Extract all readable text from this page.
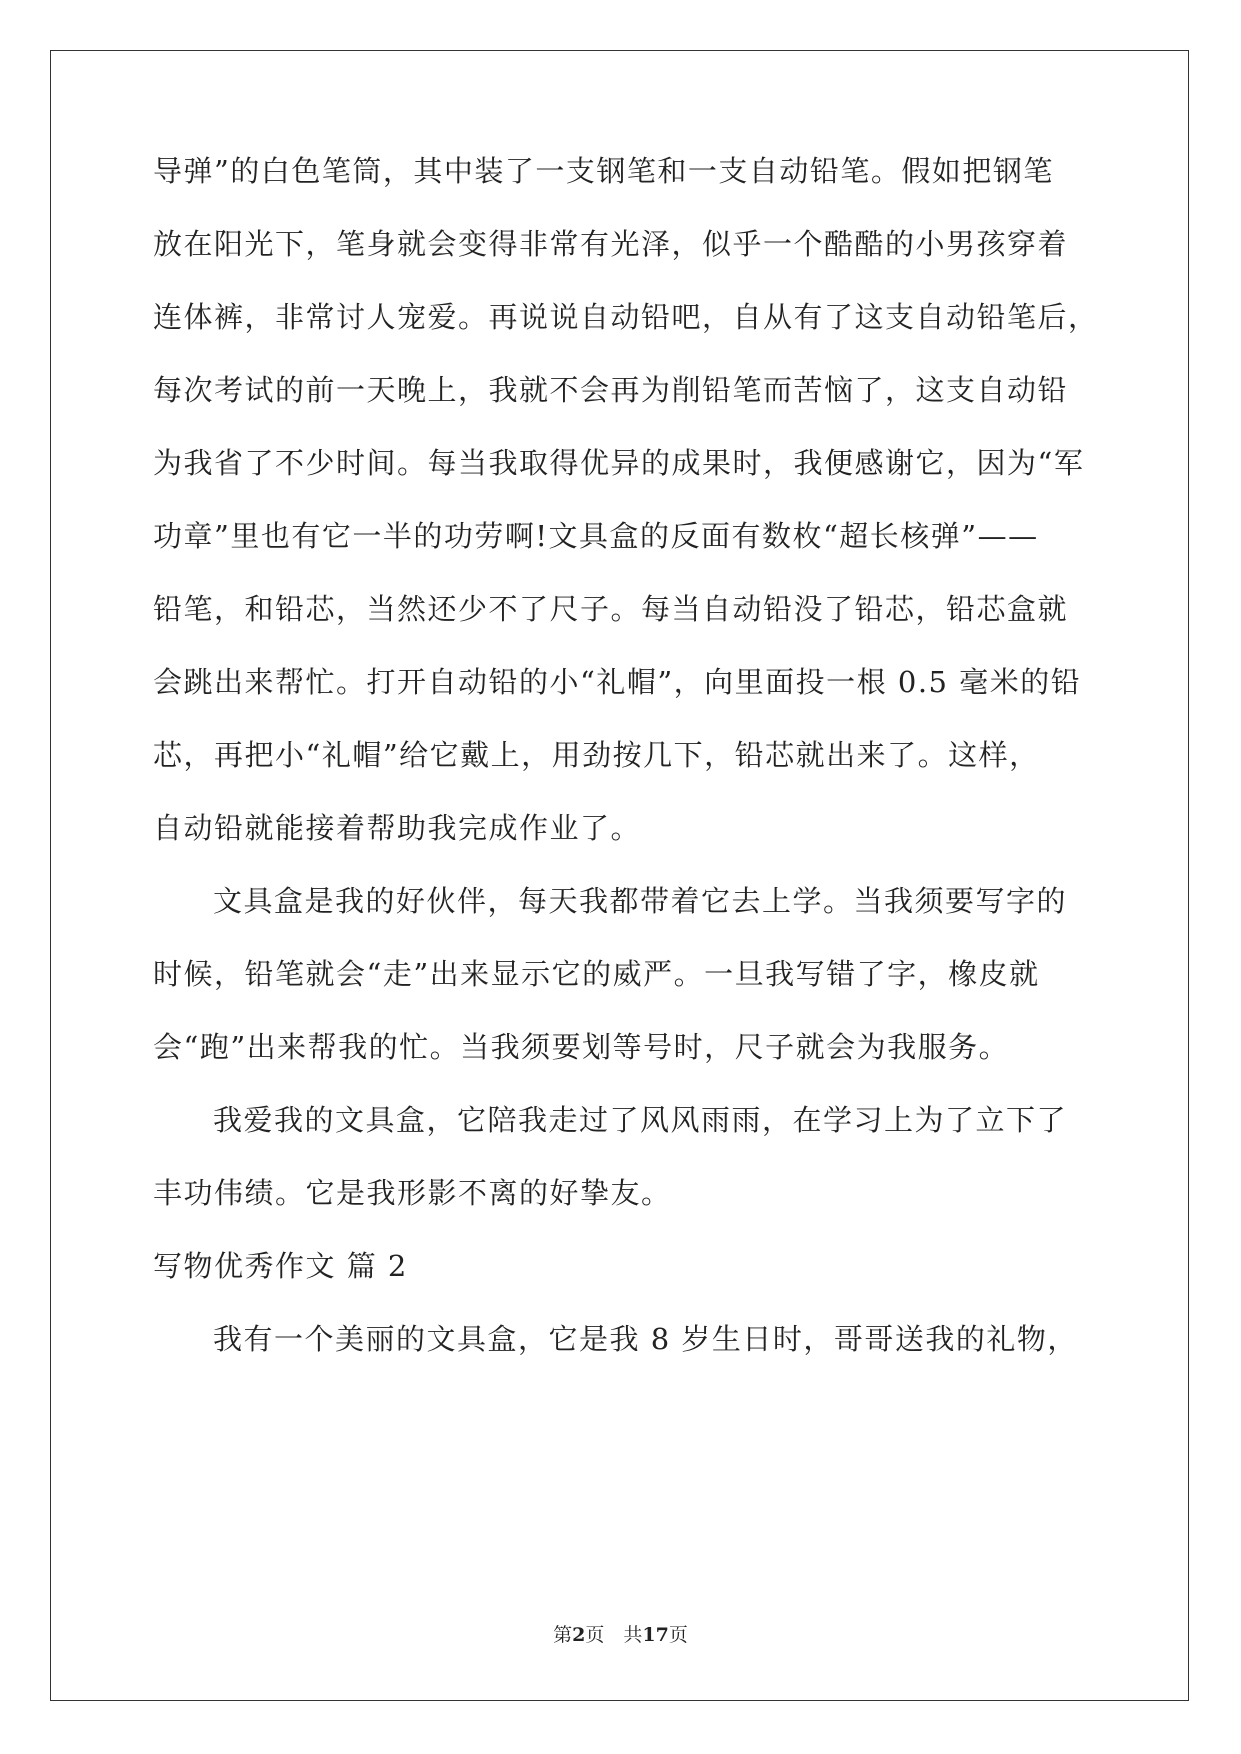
导弹”的白色笔筒，其中装了一支钢笔和一支自动铅笔。假如把钢笔
放在阳光下，笔身就会变得非常有光泽，似乎一个酷酷的小男孩穿着
连体裤，非常讨人宠爱。再说说自动铅吧，自从有了这支自动铅笔后，
每次考试的前一天晚上，我就不会再为削铅笔而苦恼了，这支自动铅
为我省了不少时间。每当我取得优异的成果时，我便感谢它，因为“军
功章”里也有它一半的功劳啊!文具盒的反面有数枚“超长核弹”——
铅笔，和铅芯，当然还少不了尺子。每当自动铅没了铅芯，铅芯盒就
会跳出来帮忙。打开自动铅的小“礼帽”，向里面投一根 0.5 毫米的铅
芯，再把小“礼帽”给它戴上，用劲按几下，铅芯就出来了。这样，
自动铅就能接着帮助我完成作业了。
文具盒是我的好伙伴，每天我都带着它去上学。当我须要写字的
时候，铅笔就会“走”出来显示它的威严。一旦我写错了字，橡皮就
会“跑”出来帮我的忙。当我须要划等号时，尺子就会为我服务。
我爱我的文具盒，它陪我走过了风风雨雨，在学习上为了立下了
丰功伟绩。它是我形影不离的好挚友。
写物优秀作文 篇 2
我有一个美丽的文具盒，它是我 8 岁生日时，哥哥送我的礼物，
第2页　共17页
